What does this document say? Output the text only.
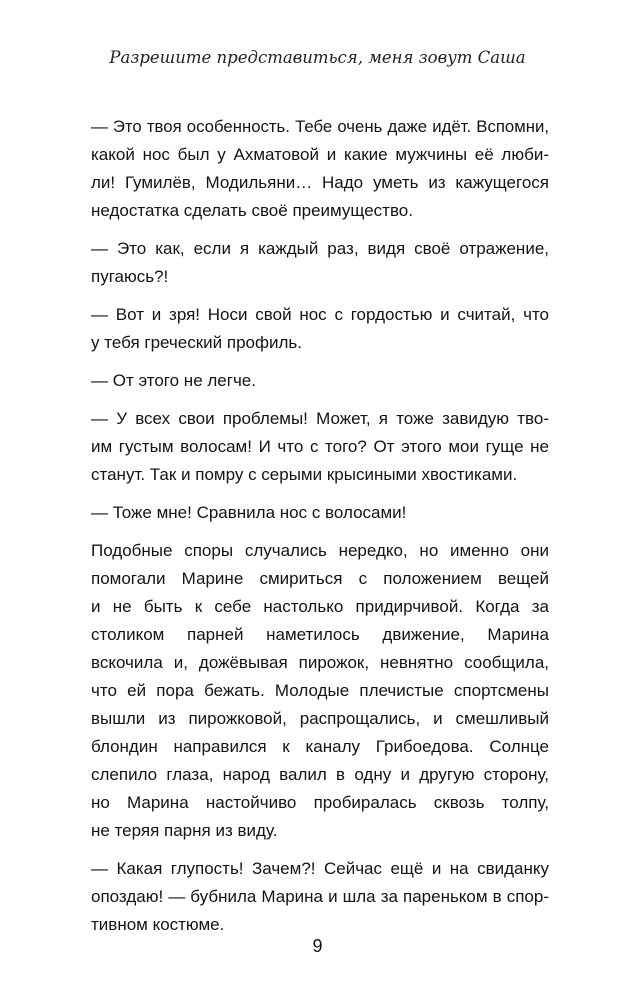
Разрешите представиться, меня зовут Саша

— Это твоя особенность. Тебе очень даже идёт. Вспомни,
какой нос был у Ахматовой и какие мужчины её люби-
ли! Гумилёв, Модильяни… Надо уметь из кажущегося
недостатка сделать своё преимущество.

— Это как, если я каждый раз, видя своё отражение,
пугаюсь?!

— Вот и зря! Носи свой нос с гордостью и считай, что
у тебя греческий профиль.

— От этого не легче.

— У всех свои проблемы! Может, я тоже завидую тво-
им густым волосам! И что с того? От этого мои гуще не
станут. Так и помру с серыми крысиными хвостиками.

— Тоже мне! Сравнила нос с волосами!

Подобные споры случались нередко, но именно они
помогали Марине смириться с положением вещей
и не быть к себе настолько придирчивой. Когда за
столиком парней наметилось движение, Марина
вскочила и, дожёвывая пирожок, невнятно сообщила,
что ей пора бежать. Молодые плечистые спортсмены
вышли из пирожковой, распрощались, и смешливый
блондин направился к каналу Грибоедова. Солнце
слепило глаза, народ валил в одну и другую сторону,
но Марина настойчиво пробиралась сквозь толпу,
не теряя парня из виду.

— Какая глупость! Зачем?! Сейчас ещё и на свиданку
опоздаю! — бубнила Марина и шла за пареньком в спор-
тивном костюме.

9
